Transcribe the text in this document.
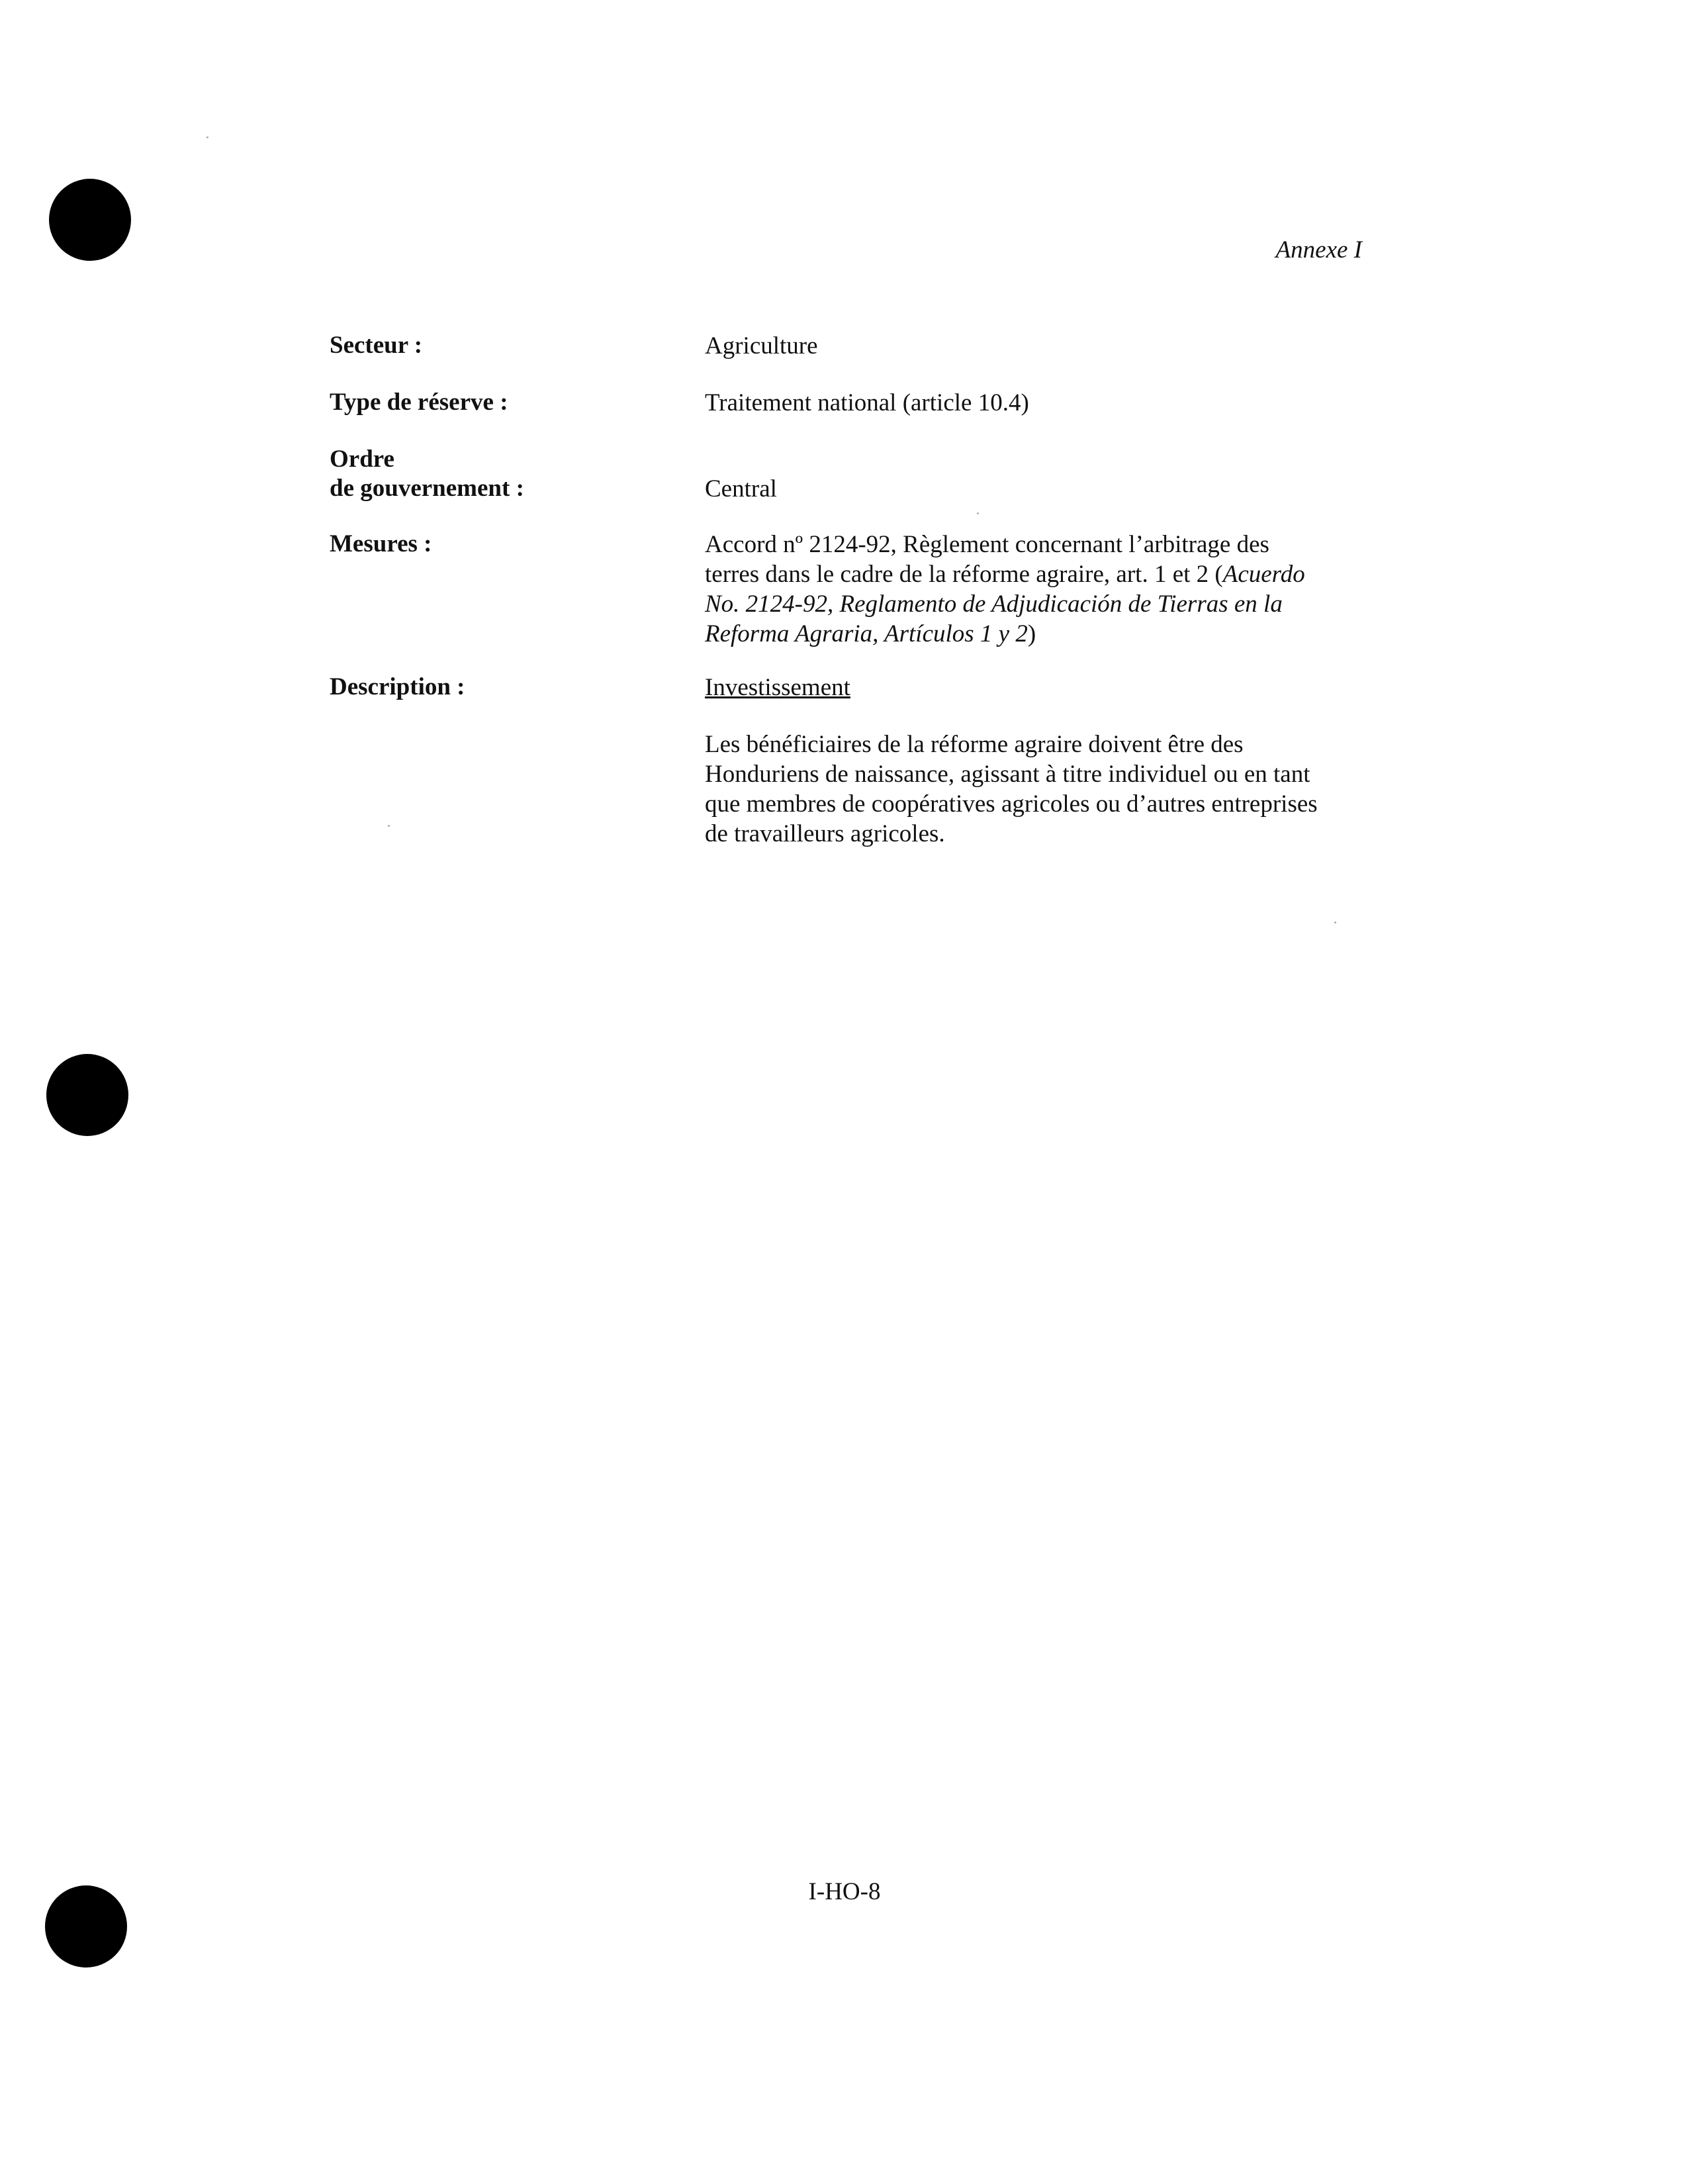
Annexe I
Secteur :	Agriculture
Type de réserve :	Traitement national (article 10.4)
Ordre
de gouvernement :	Central
Mesures :	Accord nº 2124-92, Règlement concernant l’arbitrage des
terres dans le cadre de la réforme agraire, art. 1 et 2 (Acuerdo
No. 2124-92, Reglamento de Adjudicación de Tierras en la
Reforma Agraria, Artículos 1 y 2)
Description :	Investissement
Les bénéficiaires de la réforme agraire doivent être des
Honduriens de naissance, agissant à titre individuel ou en tant
que membres de coopératives agricoles ou d’autres entreprises
de travailleurs agricoles.
I-HO-8
